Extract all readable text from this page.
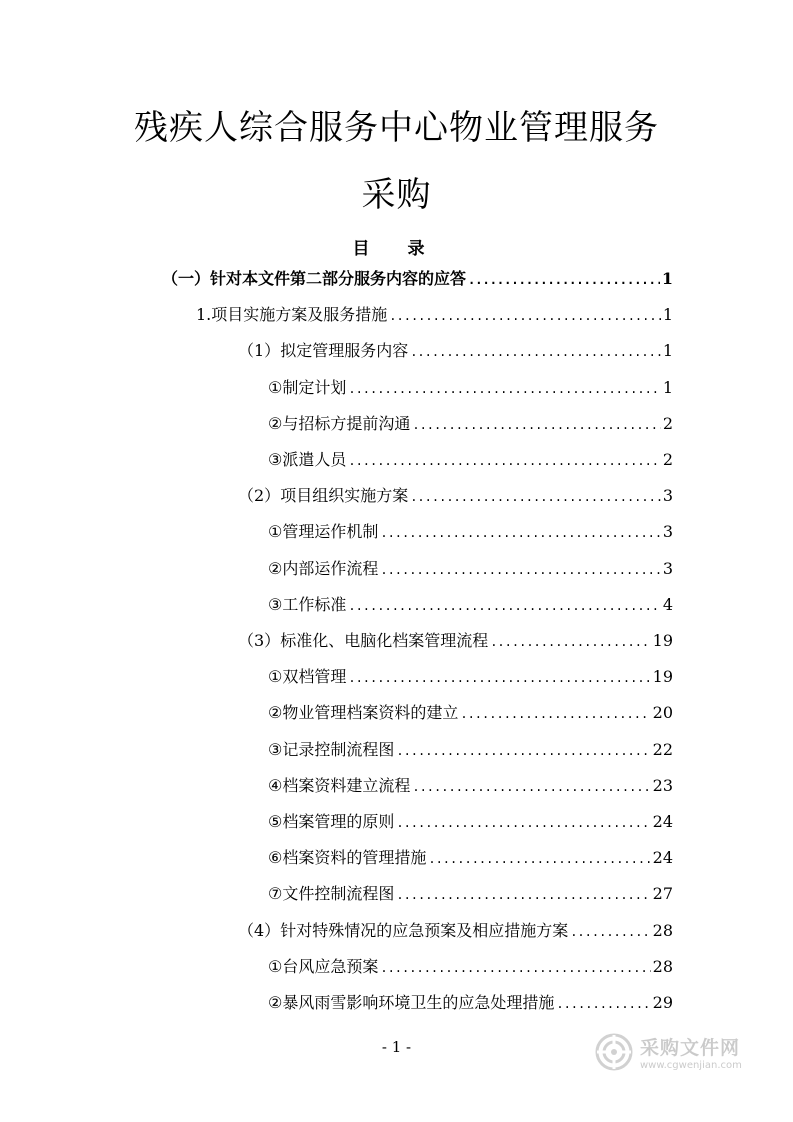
残疾人综合服务中心物业管理服务
采购
目 录
（一） 针对本文件第二部分服务内容的应答 .....	1
1. 项目实施方案及服务措施 .....	1
（1） 拟定管理服务内容 .....	1
① 制定计划 .....	1
② 与招标方提前沟通 .....	2
③ 派遣人员 .....	2
（2） 项目组织实施方案 .....	3
① 管理运作机制 .....	3
② 内部运作流程 .....	3
③ 工作标准 .....	4
（3） 标准化、电脑化档案管理流程 .....	19
① 双档管理 .....	19
② 物业管理档案资料的建立 .....	20
③ 记录控制流程图 .....	22
④ 档案资料建立流程 .....	23
⑤ 档案管理的原则 .....	24
⑥ 档案资料的管理措施 .....	24
⑦ 文件控制流程图 .....	27
（4） 针对特殊情况的应急预案及相应措施方案 .....	28
① 台风应急预案 .....	28
② 暴风雨雪影响环境卫生的应急处理措施 .....	29
- 1 -	采购文件网
www.cgwenjian.com
